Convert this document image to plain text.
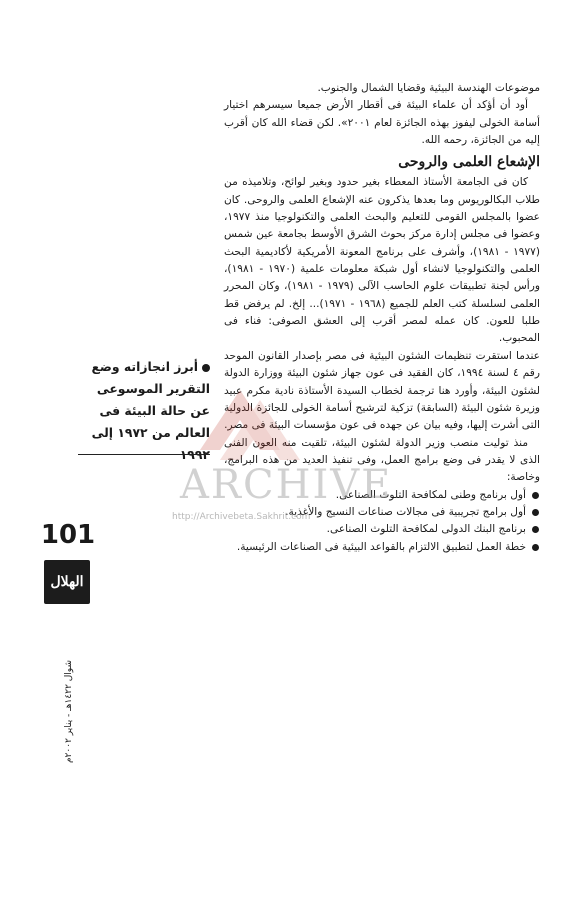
موضوعات الهندسة البيئية وقضايا الشمال والجنوب.

أود أن أؤكد أن علماء البيئة فى أقطار الأرض جميعا سيسرهم اختيار أسامة الخولى ليفوز بهذه الجائزة لعام ٢٠٠١». لكن قضاء الله كان أقرب إليه من الجائزة، رحمه الله.

الإشعاع العلمى والروحى

كان فى الجامعة الأستاذ المعطاء بغير حدود وبغير لوائح، وتلاميذه من طلاب البكالوريوس وما بعدها يذكرون عنه الإشعاع العلمى والروحى. كان عضوا بالمجلس القومى للتعليم والبحث العلمى والتكنولوجيا منذ ١٩٧٧، وعضوا فى مجلس إدارة مركز بحوث الشرق الأوسط بجامعة عين شمس (١٩٧٧ - ١٩٨١)، وأشرف على برنامج المعونة الأمريكية لأكاديمية البحث العلمى والتكنولوجيا لانشاء أول شبكة معلومات علمية (١٩٧٠ - ١٩٨١)، ورأس لجنة تطبيقات علوم الحاسب الآلى (١٩٧٩ - ١٩٨١)، وكان المحرر العلمى لسلسلة كتب العلم للجميع (١٩٦٨ - ١٩٧١)... إلخ. لم يرفض قط طلبا للعون. كان عمله لمصر أقرب إلى العشق الصوفى: فناء فى المحبوب.

عندما استقرت تنظيمات الشئون البيئية فى مصر بإصدار القانون الموحد رقم ٤ لسنة ١٩٩٤، كان الفقيد فى عون جهاز شئون البيئة ووزارة الدولة لشئون البيئة، وأورد هنا ترجمة لخطاب السيدة الأستاذة نادية مكرم عبيد وزيرة شئون البيئة (السابقة) تزكية لترشيح أسامة الخولى للجائزة الدولية التى أشرت إليها، وفيه بيان عن جهده فى عون مؤسسات البيئة فى مصر.

منذ توليت منصب وزير الدولة لشئون البيئة، تلقيت منه العون الفنى الذى لا يقدر فى وضع برامج العمل، وفى تنفيذ العديد من هذه البرامج، وخاصة:

أول برنامج وطنى لمكافحة التلوث الصناعى.
أول برامج تجريبية فى مجالات صناعات النسيج والأغذية.
برنامج البنك الدولى لمكافحة التلوث الصناعى.
خطة العمل لتطبيق الالتزام بالقواعد البيئية فى الصناعات الرئيسية.
أبرز انجازاته وضع التقرير الموسوعى عن حالة البيئة فى العالم من ١٩٧٢ إلى ١٩٩٢
101
الهلال
شوال ١٤٢٢هـ - يناير ٢٠٠٢م
ARCHIVE
http://Archivebeta.Sakhrit.com
